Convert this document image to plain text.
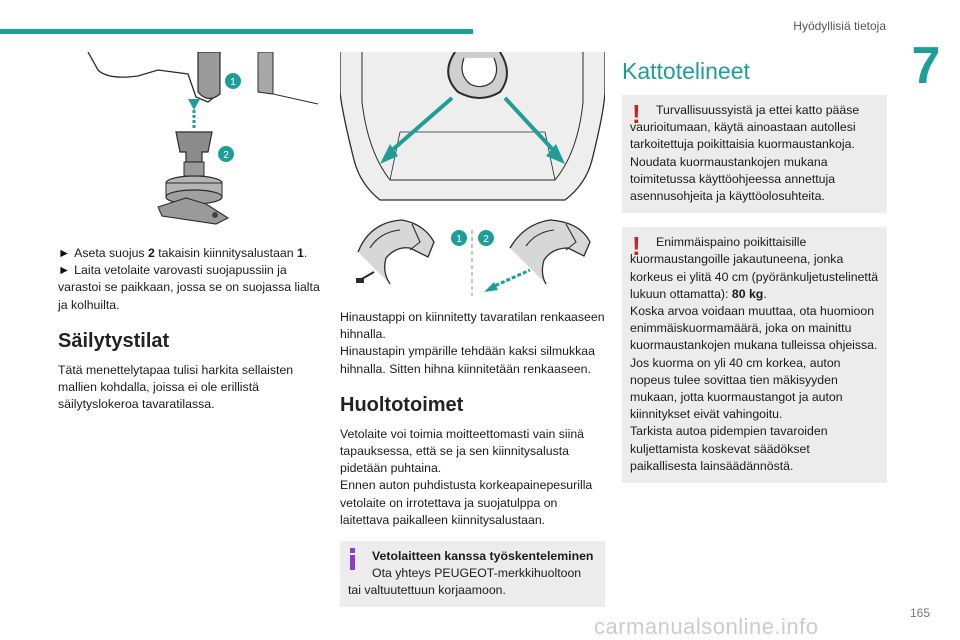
Hyödyllisiä tietoja
7
1
2

► Aseta suojus 2 takaisin kiinnitysalustaan 1.

► Laita vetolaite varovasti suojapussiin ja varastoi se paikkaan, jossa se on suojassa lialta ja kolhuilta.

Säilytystilat
Tätä menettelytapaa tulisi harkita sellaisten mallien kohdalla, joissa ei ole erillistä säilytyslokeroa tavaratilassa.
1 2

Hinaustappi on kiinnitetty tavaratilan renkaaseen hihnalla.

Hinaustapin ympärille tehdään kaksi silmukkaa hihnalla. Sitten hihna kiinnitetään renkaaseen.

Huoltotoimet

Vetolaite voi toimia moitteettomasti vain siinä tapauksessa, että se ja sen kiinnitysalusta pidetään puhtaina.

Ennen auton puhdistusta korkeapainepesurilla vetolaite on irrotettava ja suojatulppa on laitettava paikalleen kiinnitysalustaan.

Vetolaitteen kanssa työskenteleminen
Ota yhteys PEUGEOT-merkkihuoltoon tai valtuutettuun korjaamoon.
Kattotelineet
!	Turvallisuussyistä ja ettei katto pääse vaurioitumaan, käytä ainoastaan autollesi tarkoitettuja poikittaisia kuormaustankoja. Noudata kuormaustankojen mukana toimitetussa käyttöohjeessa annettuja asennusohjeita ja käyttöolosuhteita.
!	Enimmäispaino poikittaisille kuormaustangoille jakautuneena, jonka korkeus ei ylitä 40 cm (pyöränkuljetustelinettä lukuun ottamatta): 80 kg.

Koska arvoa voidaan muuttaa, ota huomioon enimmäiskuormamäärä, joka on mainittu kuormaustankojen mukana tulleissa ohjeissa.

Jos kuorma on yli 40 cm korkea, auton nopeus tulee sovittaa tien mäkisyyden mukaan, jotta kuormaustangot ja auton kiinnitykset eivät vahingoitu.

Tarkista autoa pidempien tavaroiden kuljettamista koskevat säädökset paikallisesta lainsäädännöstä.

165
carmanualsonline.info
